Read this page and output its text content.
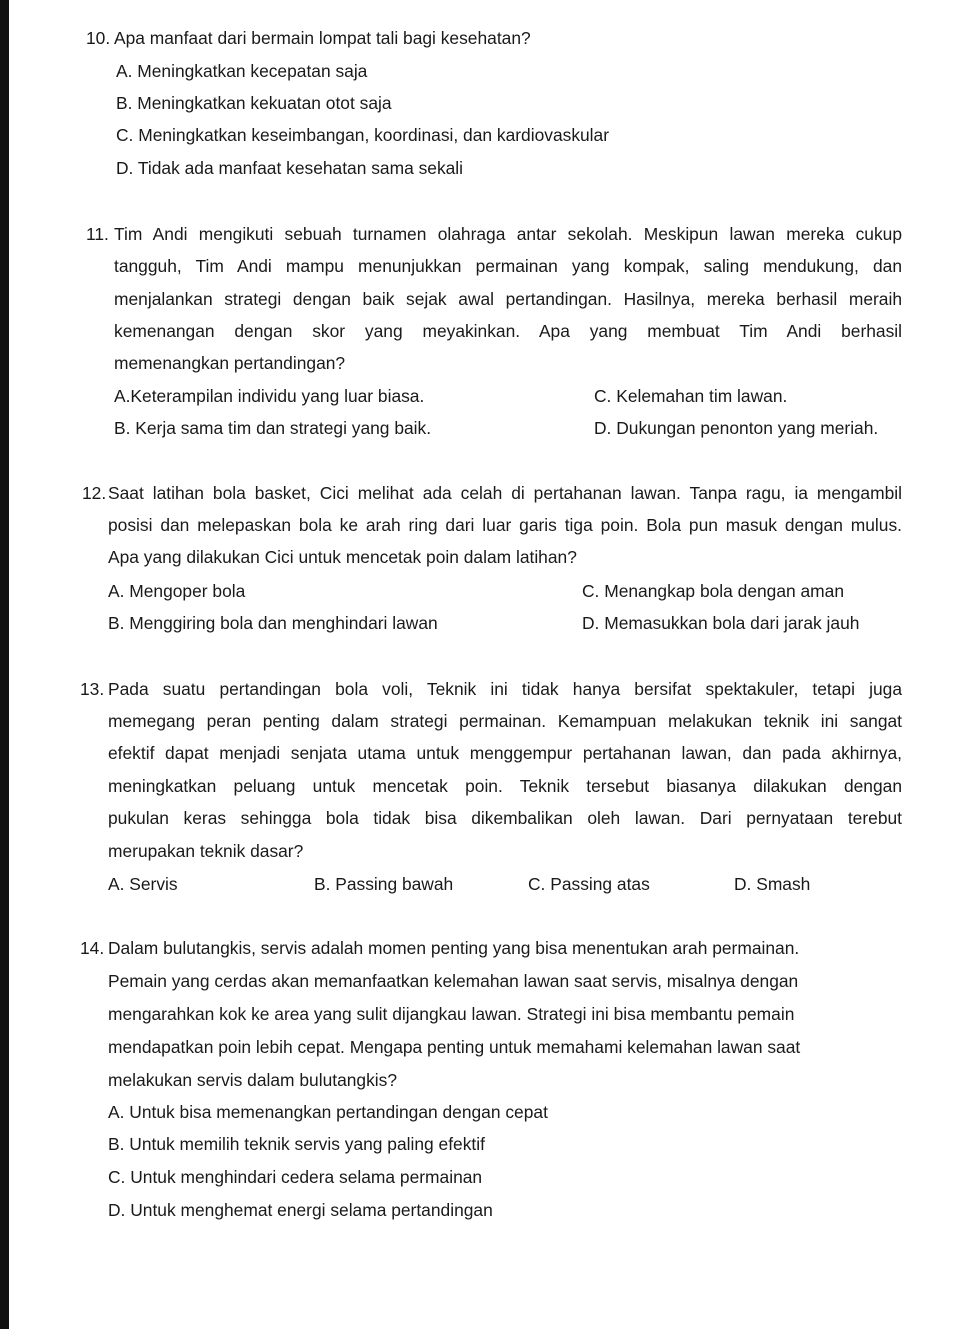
10. Apa manfaat dari bermain lompat tali bagi kesehatan?
A. Meningkatkan kecepatan saja
B. Meningkatkan kekuatan otot saja
C. Meningkatkan keseimbangan, koordinasi, dan kardiovaskular
D. Tidak ada manfaat kesehatan sama sekali
11. Tim Andi mengikuti sebuah turnamen olahraga antar sekolah. Meskipun lawan mereka cukup
tangguh, Tim Andi mampu menunjukkan permainan yang kompak, saling mendukung, dan
menjalankan strategi dengan baik sejak awal pertandingan. Hasilnya, mereka berhasil meraih
kemenangan dengan skor yang meyakinkan. Apa yang membuat Tim Andi berhasil
memenangkan pertandingan?
A.Keterampilan individu yang luar biasa.
B. Kerja sama tim dan strategi yang baik.
C. Kelemahan tim lawan.
D. Dukungan penonton yang meriah.
12. Saat latihan bola basket, Cici melihat ada celah di pertahanan lawan. Tanpa ragu, ia mengambil
posisi dan melepaskan bola ke arah ring dari luar garis tiga poin. Bola pun masuk dengan mulus.
Apa yang dilakukan Cici untuk mencetak poin dalam latihan?
A. Mengoper bola
B. Menggiring bola dan menghindari lawan
C. Menangkap bola dengan aman
D. Memasukkan bola dari jarak jauh
13. Pada suatu pertandingan bola voli, Teknik ini tidak hanya bersifat spektakuler, tetapi juga
memegang peran penting dalam strategi permainan. Kemampuan melakukan teknik ini sangat
efektif dapat menjadi senjata utama untuk menggempur pertahanan lawan, dan pada akhirnya,
meningkatkan peluang untuk mencetak poin. Teknik tersebut biasanya dilakukan dengan
pukulan keras sehingga bola tidak bisa dikembalikan oleh lawan. Dari pernyataan terebut
merupakan teknik dasar?
A. Servis	B. Passing bawah	C. Passing atas	D. Smash
14. Dalam bulutangkis, servis adalah momen penting yang bisa menentukan arah permainan.
Pemain yang cerdas akan memanfaatkan kelemahan lawan saat servis, misalnya dengan
mengarahkan kok ke area yang sulit dijangkau lawan. Strategi ini bisa membantu pemain
mendapatkan poin lebih cepat. Mengapa penting untuk memahami kelemahan lawan saat
melakukan servis dalam bulutangkis?
A. Untuk bisa memenangkan pertandingan dengan cepat
B. Untuk memilih teknik servis yang paling efektif
C. Untuk menghindari cedera selama permainan
D. Untuk menghemat energi selama pertandingan
